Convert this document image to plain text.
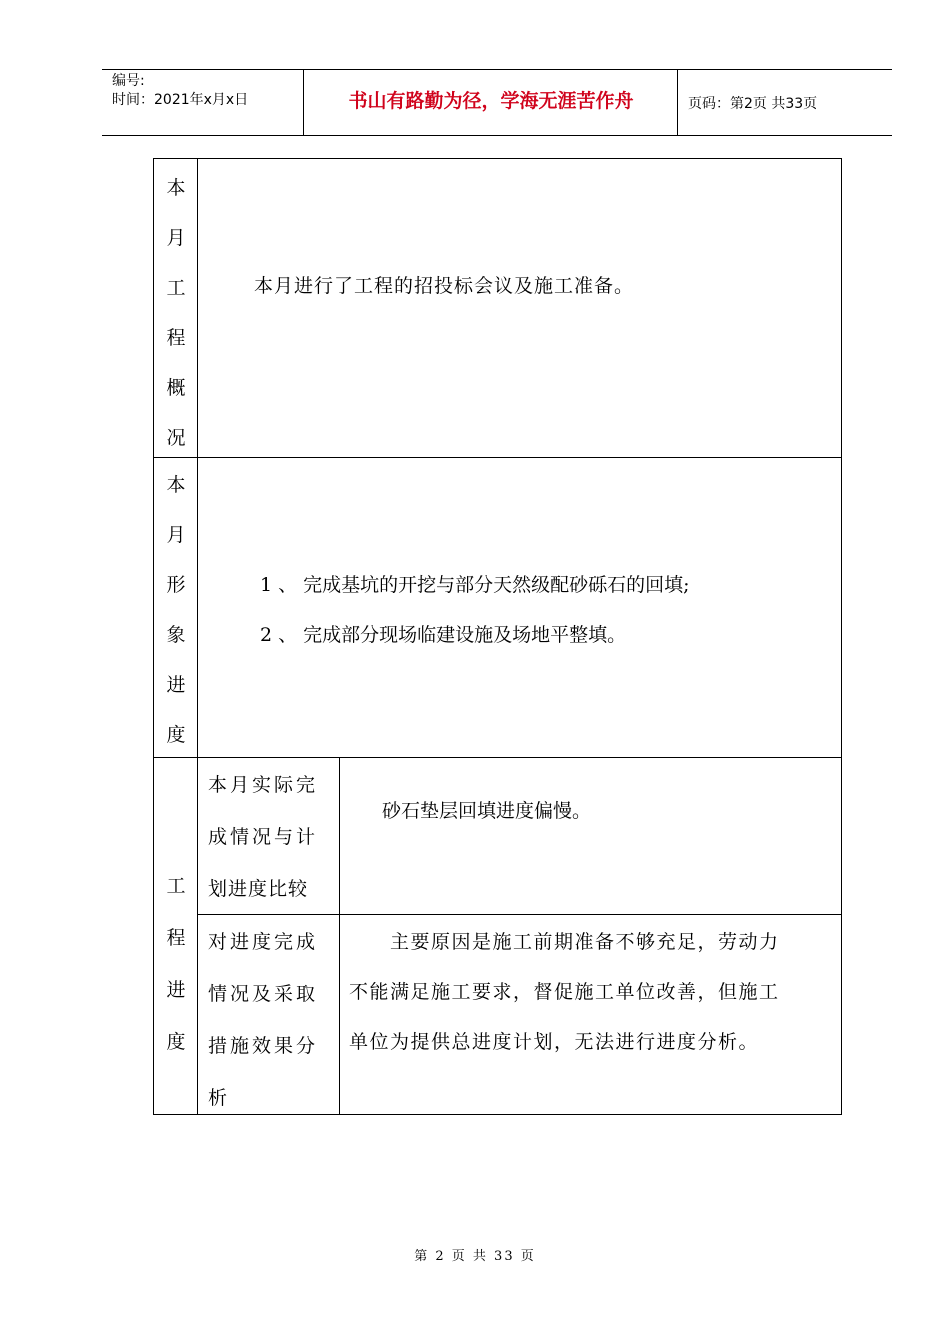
编号:
时间：2021年x月x日	书山有路勤为径，学海无涯苦作舟	页码：第2页 共33页
本
月
工
程
概
况
本月进行了工程的招投标会议及施工准备。
本
月
形
象
进
度
1 、 完成基坑的开挖与部分天然级配砂砾石的回填;
2 、 完成部分现场临建设施及场地平整填。
工
程
进
度
本月实际完
成情况与计
划进度比较
砂石垫层回填进度偏慢。
对进度完成
情况及采取
措施效果分
析
　　主要原因是施工前期准备不够充足，劳动力
不能满足施工要求，督促施工单位改善，但施工
单位为提供总进度计划，无法进行进度分析。
第 2 页 共 33 页
